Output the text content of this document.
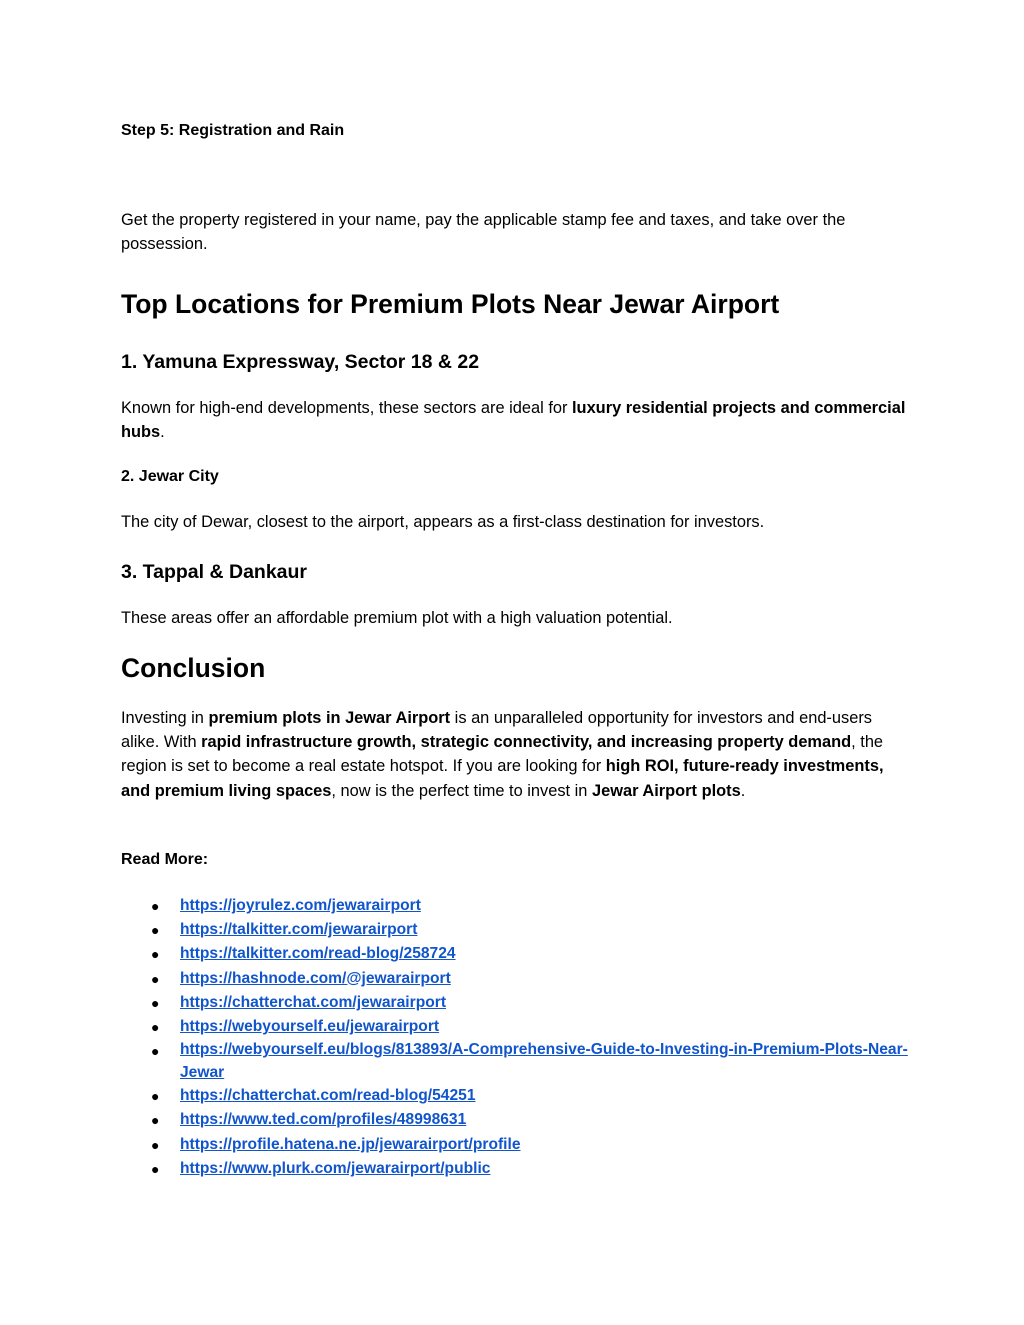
Step 5: Registration and Rain

Get the property registered in your name, pay the applicable stamp fee and taxes, and take over the possession.

Top Locations for Premium Plots Near Jewar Airport
1. Yamuna Expressway, Sector 18 & 22

Known for high-end developments, these sectors are ideal for luxury residential projects and commercial hubs.

2. Jewar City

The city of Dewar, closest to the airport, appears as a first-class destination for investors.

3. Tappal & Dankaur

These areas offer an affordable premium plot with a high valuation potential.

Conclusion

Investing in premium plots in Jewar Airport is an unparalleled opportunity for investors and end-users alike. With rapid infrastructure growth, strategic connectivity, and increasing property demand, the region is set to become a real estate hotspot. If you are looking for high ROI, future-ready investments, and premium living spaces, now is the perfect time to invest in Jewar Airport plots.

Read More:

● https://joyrulez.com/jewarairport
● https://talkitter.com/jewarairport
● https://talkitter.com/read-blog/258724
● https://hashnode.com/@jewarairport
● https://chatterchat.com/jewarairport
● https://webyourself.eu/jewarairport
● https://webyourself.eu/blogs/813893/A-Comprehensive-Guide-to-Investing-in-Premium-Plots-Near-Jewar
● https://chatterchat.com/read-blog/54251
● https://www.ted.com/profiles/48998631
● https://profile.hatena.ne.jp/jewarairport/profile
● https://www.plurk.com/jewarairport/public
